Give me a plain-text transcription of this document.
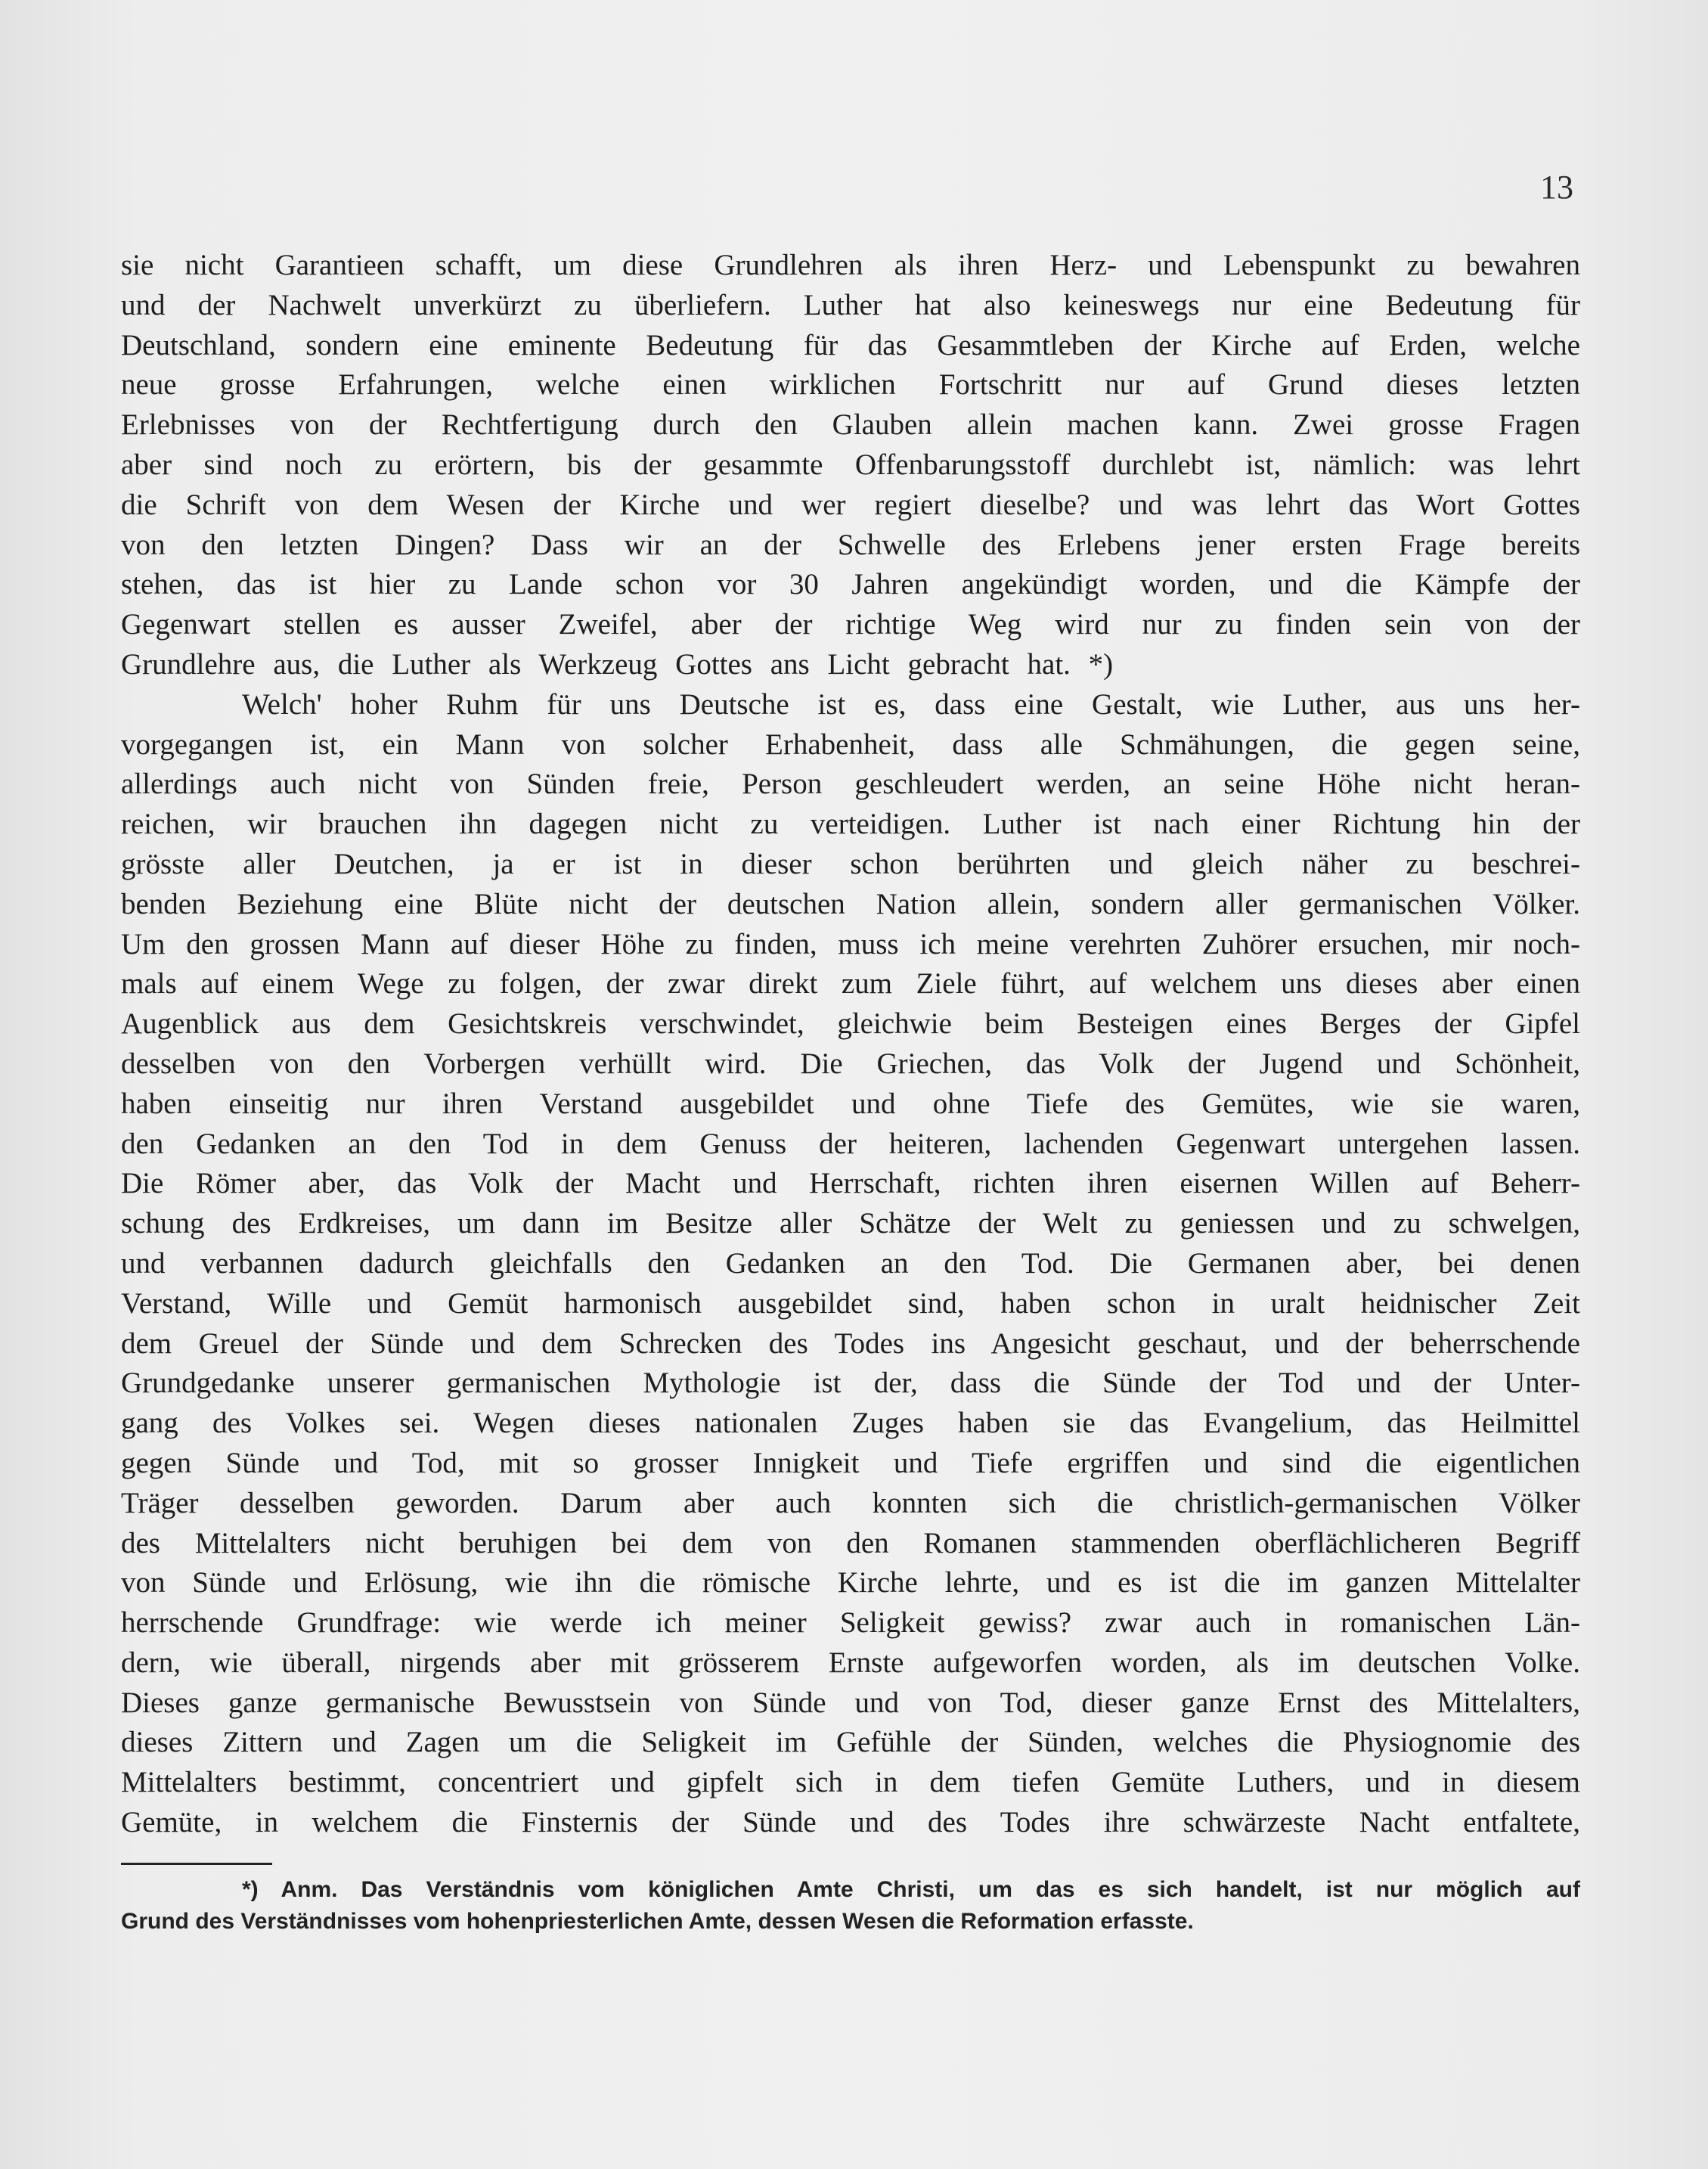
13
sie nicht Garantieen schafft, um diese Grundlehren als ihren Herz- und Lebenspunkt zu bewahren
und der Nachwelt unverkürzt zu überliefern. Luther hat also keineswegs nur eine Bedeutung für
Deutschland, sondern eine eminente Bedeutung für das Gesammtleben der Kirche auf Erden, welche
neue grosse Erfahrungen, welche einen wirklichen Fortschritt nur auf Grund dieses letzten
Erlebnisses von der Rechtfertigung durch den Glauben allein machen kann. Zwei grosse Fragen
aber sind noch zu erörtern, bis der gesammte Offenbarungsstoff durchlebt ist, nämlich: was lehrt
die Schrift von dem Wesen der Kirche und wer regiert dieselbe? und was lehrt das Wort Gottes
von den letzten Dingen? Dass wir an der Schwelle des Erlebens jener ersten Frage bereits
stehen, das ist hier zu Lande schon vor 30 Jahren angekündigt worden, und die Kämpfe der
Gegenwart stellen es ausser Zweifel, aber der richtige Weg wird nur zu finden sein von der
Grundlehre aus, die Luther als Werkzeug Gottes ans Licht gebracht hat. *)
Welch' hoher Ruhm für uns Deutsche ist es, dass eine Gestalt, wie Luther, aus uns her-
vorgegangen ist, ein Mann von solcher Erhabenheit, dass alle Schmähungen, die gegen seine,
allerdings auch nicht von Sünden freie, Person geschleudert werden, an seine Höhe nicht heran-
reichen, wir brauchen ihn dagegen nicht zu verteidigen. Luther ist nach einer Richtung hin der
grösste aller Deutchen, ja er ist in dieser schon berührten und gleich näher zu beschrei-
benden Beziehung eine Blüte nicht der deutschen Nation allein, sondern aller germanischen Völker.
Um den grossen Mann auf dieser Höhe zu finden, muss ich meine verehrten Zuhörer ersuchen, mir noch-
mals auf einem Wege zu folgen, der zwar direkt zum Ziele führt, auf welchem uns dieses aber einen
Augenblick aus dem Gesichtskreis verschwindet, gleichwie beim Besteigen eines Berges der Gipfel
desselben von den Vorbergen verhüllt wird. Die Griechen, das Volk der Jugend und Schönheit,
haben einseitig nur ihren Verstand ausgebildet und ohne Tiefe des Gemütes, wie sie waren,
den Gedanken an den Tod in dem Genuss der heiteren, lachenden Gegenwart untergehen lassen.
Die Römer aber, das Volk der Macht und Herrschaft, richten ihren eisernen Willen auf Beherr-
schung des Erdkreises, um dann im Besitze aller Schätze der Welt zu geniessen und zu schwelgen,
und verbannen dadurch gleichfalls den Gedanken an den Tod. Die Germanen aber, bei denen
Verstand, Wille und Gemüt harmonisch ausgebildet sind, haben schon in uralt heidnischer Zeit
dem Greuel der Sünde und dem Schrecken des Todes ins Angesicht geschaut, und der beherrschende
Grundgedanke unserer germanischen Mythologie ist der, dass die Sünde der Tod und der Unter-
gang des Volkes sei. Wegen dieses nationalen Zuges haben sie das Evangelium, das Heilmittel
gegen Sünde und Tod, mit so grosser Innigkeit und Tiefe ergriffen und sind die eigentlichen
Träger desselben geworden. Darum aber auch konnten sich die christlich-germanischen Völker
des Mittelalters nicht beruhigen bei dem von den Romanen stammenden oberflächlicheren Begriff
von Sünde und Erlösung, wie ihn die römische Kirche lehrte, und es ist die im ganzen Mittelalter
herrschende Grundfrage: wie werde ich meiner Seligkeit gewiss? zwar auch in romanischen Län-
dern, wie überall, nirgends aber mit grösserem Ernste aufgeworfen worden, als im deutschen Volke.
Dieses ganze germanische Bewusstsein von Sünde und von Tod, dieser ganze Ernst des Mittelalters,
dieses Zittern und Zagen um die Seligkeit im Gefühle der Sünden, welches die Physiognomie des
Mittelalters bestimmt, concentriert und gipfelt sich in dem tiefen Gemüte Luthers, und in diesem
Gemüte, in welchem die Finsternis der Sünde und des Todes ihre schwärzeste Nacht entfaltete,
*) Anm. Das Verständnis vom königlichen Amte Christi, um das es sich handelt, ist nur möglich auf
Grund des Verständnisses vom hohenpriesterlichen Amte, dessen Wesen die Reformation erfasste.
